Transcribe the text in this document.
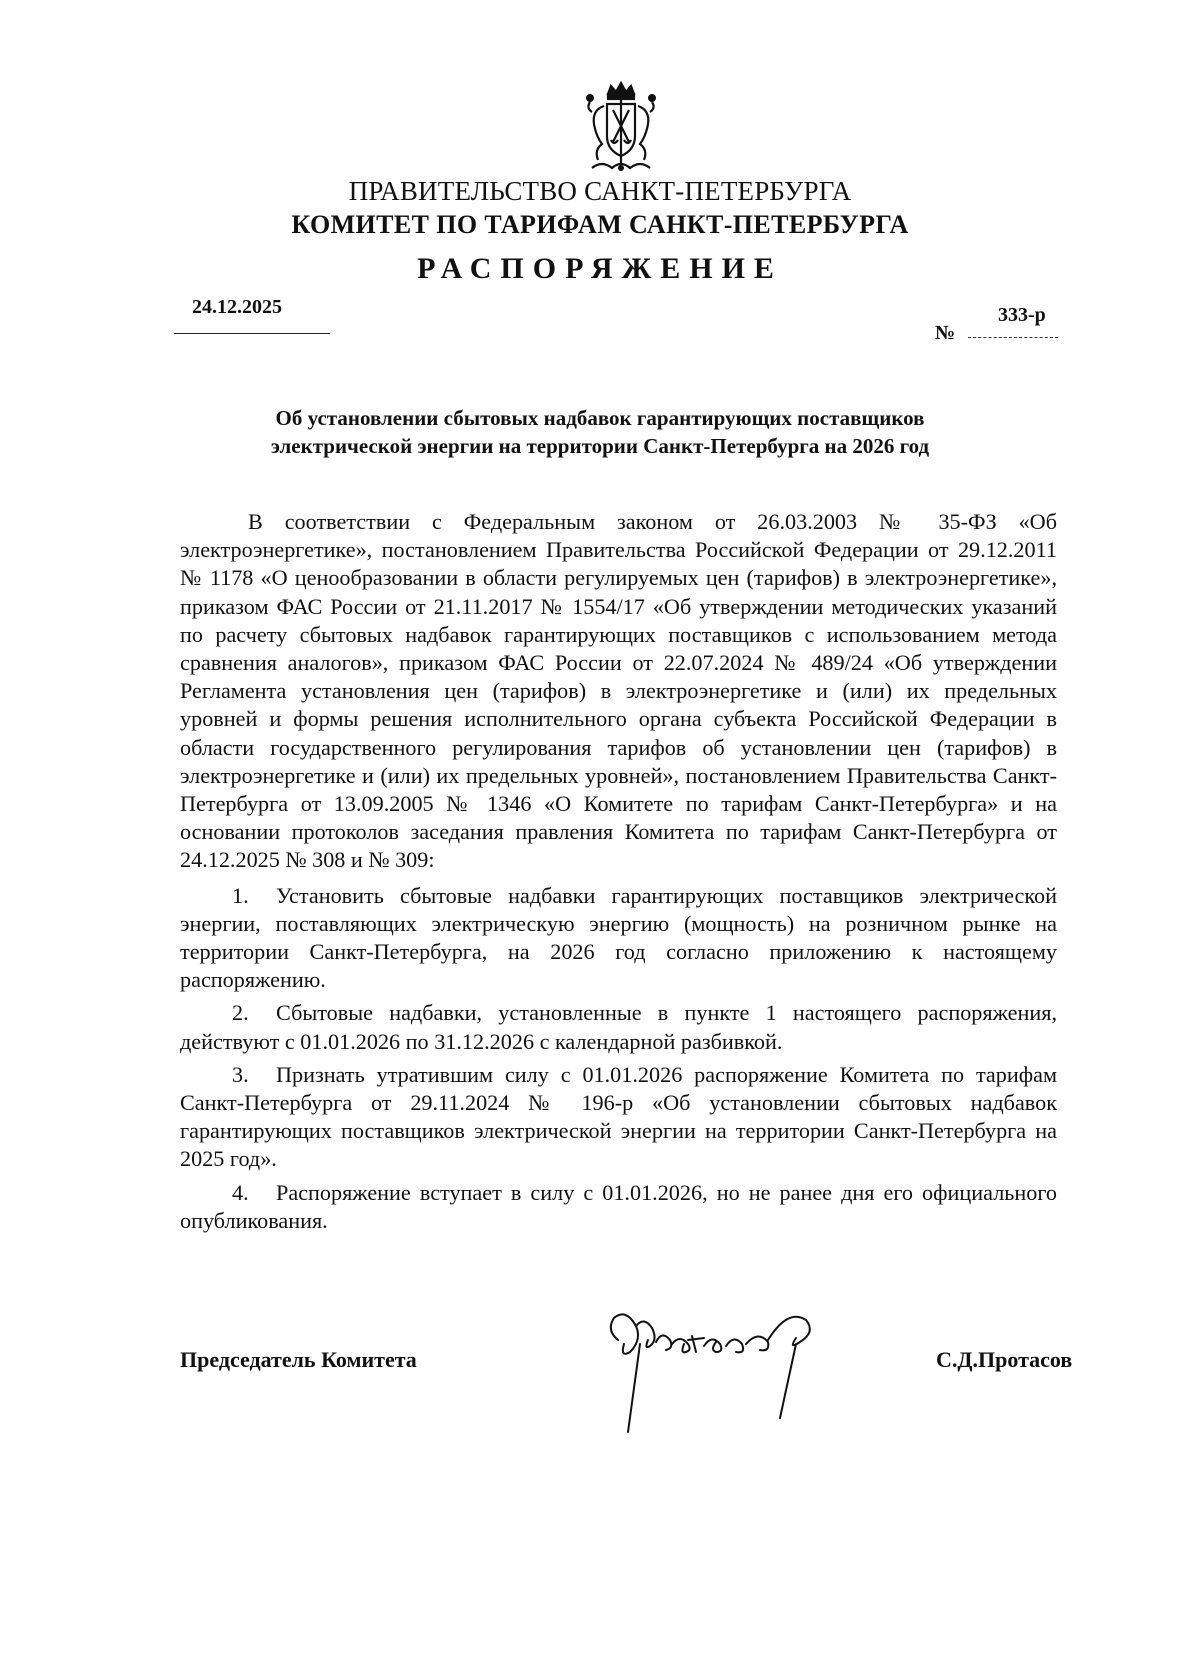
ПРАВИТЕЛЬСТВО САНКТ-ПЕТЕРБУРГА
КОМИТЕТ ПО ТАРИФАМ САНКТ-ПЕТЕРБУРГА
РАСПОРЯЖЕНИЕ
24.12.2025
№
333-р
Об установлении сбытовых надбавок гарантирующих поставщиков
электрической энергии на территории Санкт-Петербурга на 2026 год

В соответствии с Федеральным законом от 26.03.2003 № 35-ФЗ «Об электроэнергетике», постановлением Правительства Российской Федерации от 29.12.2011 № 1178 «О ценообразовании в области регулируемых цен (тарифов) в электроэнергетике», приказом ФАС России от 21.11.2017 № 1554/17 «Об утверждении методических указаний по расчету сбытовых надбавок гарантирующих поставщиков с использованием метода сравнения аналогов», приказом ФАС России от 22.07.2024 № 489/24 «Об утверждении Регламента установления цен (тарифов) в электроэнергетике и (или) их предельных уровней и формы решения исполнительного органа субъекта Российской Федерации в области государственного регулирования тарифов об установлении цен (тарифов) в электроэнергетике и (или) их предельных уровней», постановлением Правительства Санкт-Петербурга от 13.09.2005 № 1346 «О Комитете по тарифам Санкт-Петербурга» и на основании протоколов заседания правления Комитета по тарифам Санкт-Петербурга от 24.12.2025 № 308 и № 309:

1. Установить сбытовые надбавки гарантирующих поставщиков электрической энергии, поставляющих электрическую энергию (мощность) на розничном рынке на территории Санкт-Петербурга, на 2026 год согласно приложению к настоящему распоряжению.

2. Сбытовые надбавки, установленные в пункте 1 настоящего распоряжения, действуют с 01.01.2026 по 31.12.2026 с календарной разбивкой.

3. Признать утратившим силу с 01.01.2026 распоряжение Комитета по тарифам Санкт-Петербурга от 29.11.2024 № 196-р «Об установлении сбытовых надбавок гарантирующих поставщиков электрической энергии на территории Санкт-Петербурга на 2025 год».

4. Распоряжение вступает в силу с 01.01.2026, но не ранее дня его официального опубликования.

Председатель Комитета	С.Д.Протасов
